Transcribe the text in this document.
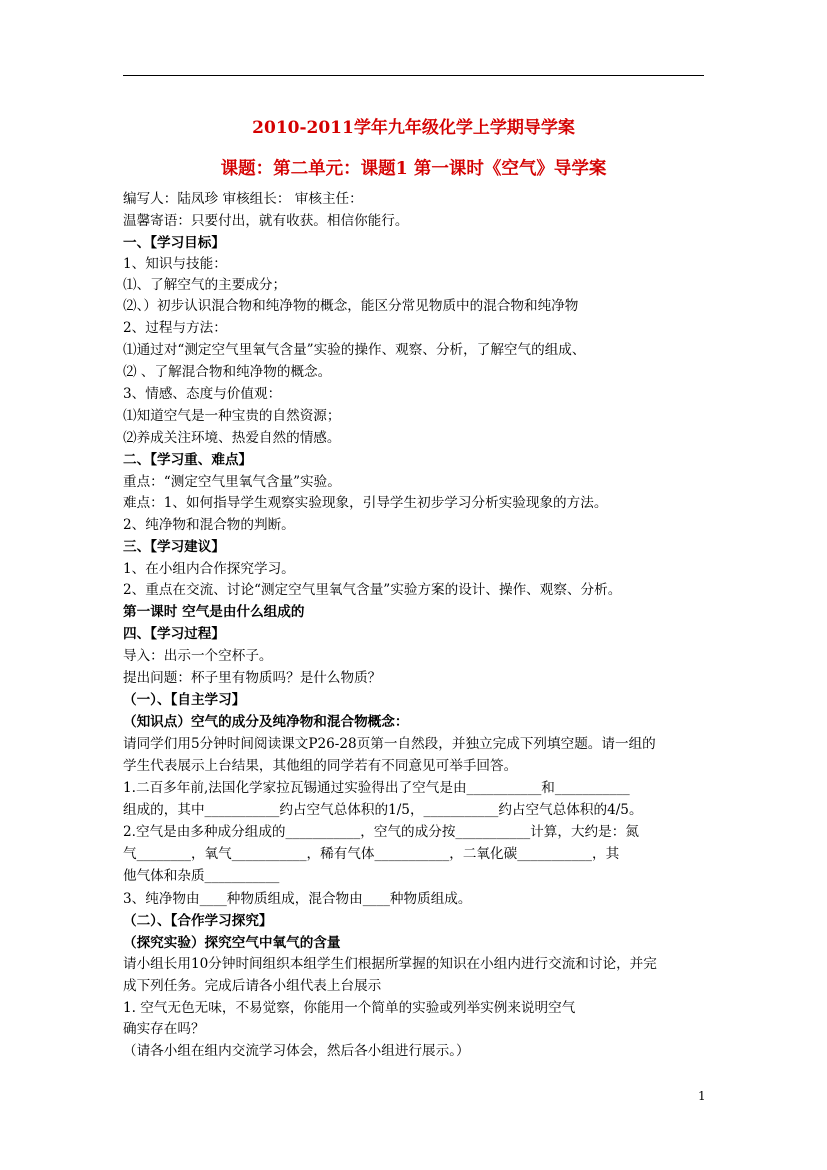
2010-2011学年九年级化学上学期导学案
课题：第二单元：课题1 第一课时《空气》导学案
编写人：陆凤珍 审核组长： 审核主任：
温馨寄语：只要付出，就有收获。相信你能行。
一、【学习目标】
1、知识与技能：
⑴、了解空气的主要成分；
⑵、）初步认识混合物和纯净物的概念，能区分常见物质中的混合物和纯净物
2、过程与方法：
⑴通过对“测定空气里氧气含量”实验的操作、观察、分析，了解空气的组成、
⑵ 、了解混合物和纯净物的概念。
3、情感、态度与价值观：
⑴知道空气是一种宝贵的自然资源；
⑵养成关注环境、热爱自然的情感。
二、【学习重、难点】
重点：“测定空气里氧气含量”实验。
难点：1、如何指导学生观察实验现象，引导学生初步学习分析实验现象的方法。
2、纯净物和混合物的判断。
三、【学习建议】
1、在小组内合作探究学习。
2、重点在交流、讨论“测定空气里氧气含量”实验方案的设计、操作、观察、分析。
第一课时 空气是由什么组成的
四、【学习过程】
导入：出示一个空杯子。
提出问题：杯子里有物质吗？是什么物质？
（一）、【自主学习】
（知识点）空气的成分及纯净物和混合物概念：
请同学们用5分钟时间阅读课文P26-28页第一自然段，并独立完成下列填空题。请一组的
学生代表展示上台结果，其他组的同学若有不同意见可举手回答。
1.二百多年前,法国化学家拉瓦锡通过实验得出了空气是由___________和___________
组成的，其中___________约占空气总体积的1/5，___________约占空气总体积的4/5。
2.空气是由多种成分组成的___________，空气的成分按___________计算，大约是：氮
气________，氧气___________，稀有气体___________，二氧化碳___________，其
他气体和杂质___________
3、纯净物由____种物质组成，混合物由____种物质组成。
（二）、【合作学习探究】
（探究实验）探究空气中氧气的含量
请小组长用10分钟时间组织本组学生们根据所掌握的知识在小组内进行交流和讨论，并完
成下列任务。完成后请各小组代表上台展示
1. 空气无色无味，不易觉察，你能用一个简单的实验或列举实例来说明空气
确实存在吗？
（请各小组在组内交流学习体会，然后各小组进行展示。）
1
